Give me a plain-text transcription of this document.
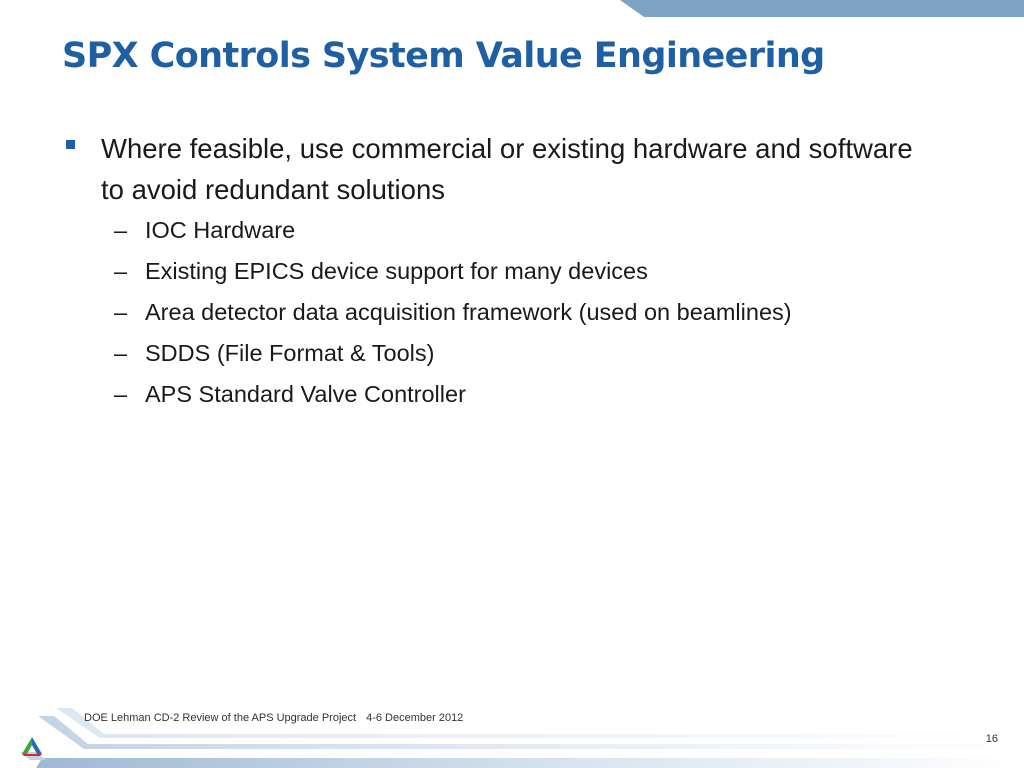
SPX Controls System Value Engineering
Where feasible, use commercial or existing hardware and software to avoid redundant solutions
– IOC Hardware
– Existing EPICS device support for many devices
– Area detector data acquisition framework (used on beamlines)
– SDDS (File Format & Tools)
– APS Standard Valve Controller
DOE Lehman CD-2 Review of the APS Upgrade Project 4-6 December 2012
16
